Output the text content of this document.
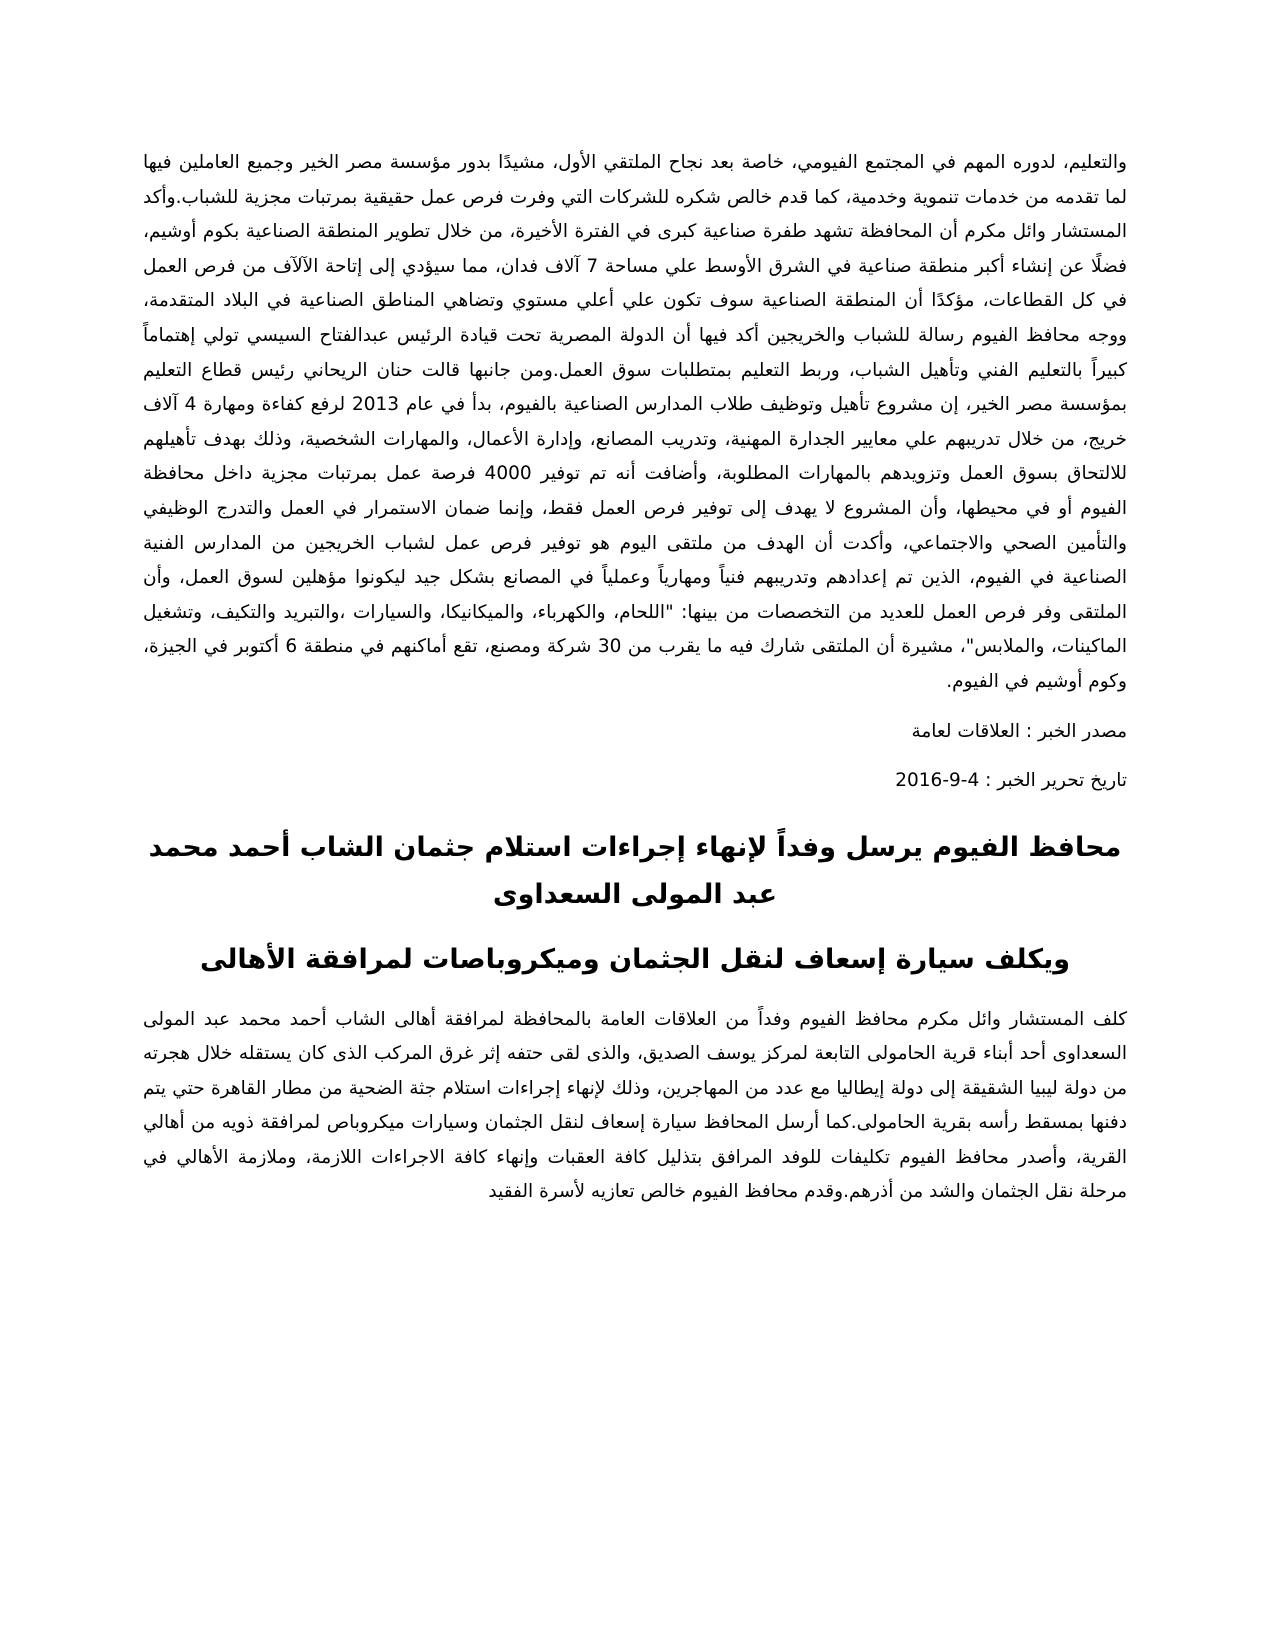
والتعليم، لدوره المهم في المجتمع الفيومي، خاصة بعد نجاح الملتقي الأول، مشيدًا بدور مؤسسة مصر الخير وجميع العاملين فيها لما تقدمه من خدمات تنموية وخدمية، كما قدم خالص شكره للشركات التي وفرت فرص عمل حقيقية بمرتبات مجزية للشباب.وأكد المستشار وائل مكرم أن المحافظة تشهد طفرة صناعية كبرى في الفترة الأخيرة، من خلال تطوير المنطقة الصناعية بكوم أوشيم، فضلًا عن إنشاء أكبر منطقة صناعية في الشرق الأوسط علي مساحة 7 آلاف فدان، مما سيؤدي إلى إتاحة الآلآف من فرص العمل في كل القطاعات، مؤكدًا أن المنطقة الصناعية سوف تكون علي أعلي مستوي وتضاهي المناطق الصناعية في البلاد المتقدمة، ووجه محافظ الفيوم رسالة للشباب والخريجين أكد فيها أن الدولة المصرية تحت قيادة الرئيس عبدالفتاح السيسي تولي إهتماماً كبيراً بالتعليم الفني وتأهيل الشباب، وربط التعليم بمتطلبات سوق العمل.ومن جانبها قالت حنان الريحاني رئيس قطاع التعليم بمؤسسة مصر الخير، إن مشروع تأهيل وتوظيف طلاب المدارس الصناعية بالفيوم، بدأ في عام 2013 لرفع كفاءة ومهارة 4 آلاف خريج، من خلال تدريبهم علي معايير الجدارة المهنية، وتدريب المصانع، وإدارة الأعمال، والمهارات الشخصية، وذلك بهدف تأهيلهم للالتحاق بسوق العمل وتزويدهم بالمهارات المطلوبة، وأضافت أنه تم توفير 4000 فرصة عمل بمرتبات مجزية داخل محافظة الفيوم أو في محيطها، وأن المشروع لا يهدف إلى توفير فرص العمل فقط، وإنما ضمان الاستمرار في العمل والتدرج الوظيفي والتأمين الصحي والاجتماعي، وأكدت أن الهدف من ملتقى اليوم هو توفير فرص عمل لشباب الخريجين من المدارس الفنية الصناعية في الفيوم، الذين تم إعدادهم وتدريبهم فنياً ومهارياً وعملياً في المصانع بشكل جيد ليكونوا مؤهلين لسوق العمل، وأن الملتقى وفر فرص العمل للعديد من التخصصات من بينها: "اللحام، والكهرباء، والميكانيكا، والسيارات ،والتبريد والتكيف، وتشغيل الماكينات، والملابس"، مشيرة أن الملتقى شارك فيه ما يقرب من 30 شركة ومصنع، تقع أماكنهم في منطقة 6 أكتوبر في الجيزة، وكوم أوشيم في الفيوم.

مصدر الخبر : العلاقات لعامة

تاريخ تحرير الخبر : 4-9-2016

محافظ الفيوم يرسل وفداً لإنهاء إجراءات استلام جثمان الشاب أحمد محمد عبد المولى السعداوى
ويكلف سيارة إسعاف لنقل الجثمان وميكروباصات لمرافقة الأهالى

كلف المستشار وائل مكرم محافظ الفيوم وفداً من العلاقات العامة بالمحافظة لمرافقة أهالى الشاب أحمد محمد عبد المولى السعداوى أحد أبناء قرية الحامولى التابعة لمركز يوسف الصديق، والذى لقى حتفه إثر غرق المركب الذى كان يستقله خلال هجرته من دولة ليبيا الشقيقة إلى دولة إيطاليا مع عدد من المهاجرين، وذلك لإنهاء إجراءات استلام جثة الضحية من مطار القاهرة حتي يتم دفنها بمسقط رأسه بقرية الحامولى.كما أرسل المحافظ سيارة إسعاف لنقل الجثمان وسيارات ميكروباص لمرافقة ذويه من أهالي القرية، وأصدر محافظ الفيوم تكليفات للوفد المرافق بتذليل كافة العقبات وإنهاء كافة الاجراءات اللازمة، وملازمة الأهالي في مرحلة نقل الجثمان والشد من أذرهم.وقدم محافظ الفيوم خالص تعازيه لأسرة الفقيد
